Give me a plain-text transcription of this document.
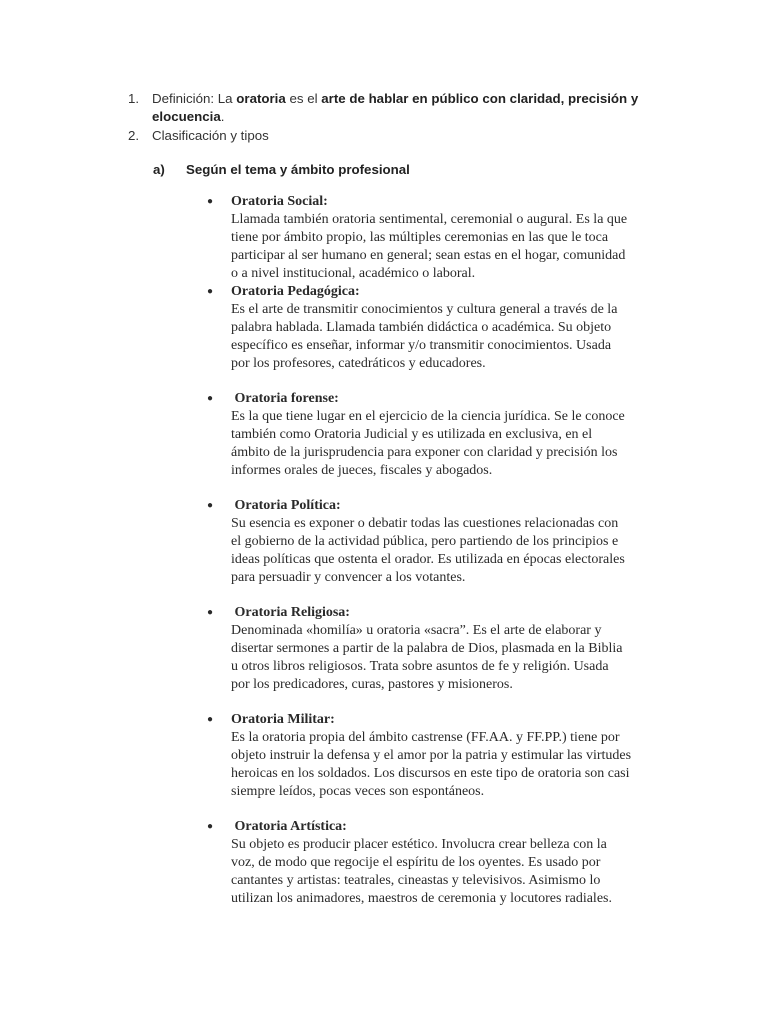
1. Definición: La oratoria es el arte de hablar en público con claridad, precisión y elocuencia.
2. Clasificación y tipos
a) Según el tema y ámbito profesional
●	Oratoria Social:
Llamada también oratoria sentimental, ceremonial o augural. Es la que
tiene por ámbito propio, las múltiples ceremonias en las que le toca
participar al ser humano en general; sean estas en el hogar, comunidad
o a nivel institucional, académico o laboral.
●	Oratoria Pedagógica:
Es el arte de transmitir conocimientos y cultura general a través de la
palabra hablada. Llamada también didáctica o académica. Su objeto
específico es enseñar, informar y/o transmitir conocimientos. Usada
por los profesores, catedráticos y educadores.
●	Oratoria forense:
Es la que tiene lugar en el ejercicio de la ciencia jurídica. Se le conoce
también como Oratoria Judicial y es utilizada en exclusiva, en el
ámbito de la jurisprudencia para exponer con claridad y precisión los
informes orales de jueces, fiscales y abogados.
●	Oratoria Política:
Su esencia es exponer o debatir todas las cuestiones relacionadas con
el gobierno de la actividad pública, pero partiendo de los principios e
ideas políticas que ostenta el orador. Es utilizada en épocas electorales
para persuadir y convencer a los votantes.
●	Oratoria Religiosa:
Denominada «homilía» u oratoria «sacra”. Es el arte de elaborar y
disertar sermones a partir de la palabra de Dios, plasmada en la Biblia
u otros libros religiosos. Trata sobre asuntos de fe y religión. Usada
por los predicadores, curas, pastores y misioneros.
●	Oratoria Militar:
Es la oratoria propia del ámbito castrense (FF.AA. y FF.PP.) tiene por
objeto instruir la defensa y el amor por la patria y estimular las virtudes
heroicas en los soldados. Los discursos en este tipo de oratoria son casi
siempre leídos, pocas veces son espontáneos.
●	Oratoria Artística:
Su objeto es producir placer estético. Involucra crear belleza con la
voz, de modo que regocije el espíritu de los oyentes. Es usado por
cantantes y artistas: teatrales, cineastas y televisivos. Asimismo lo
utilizan los animadores, maestros de ceremonia y locutores radiales.
